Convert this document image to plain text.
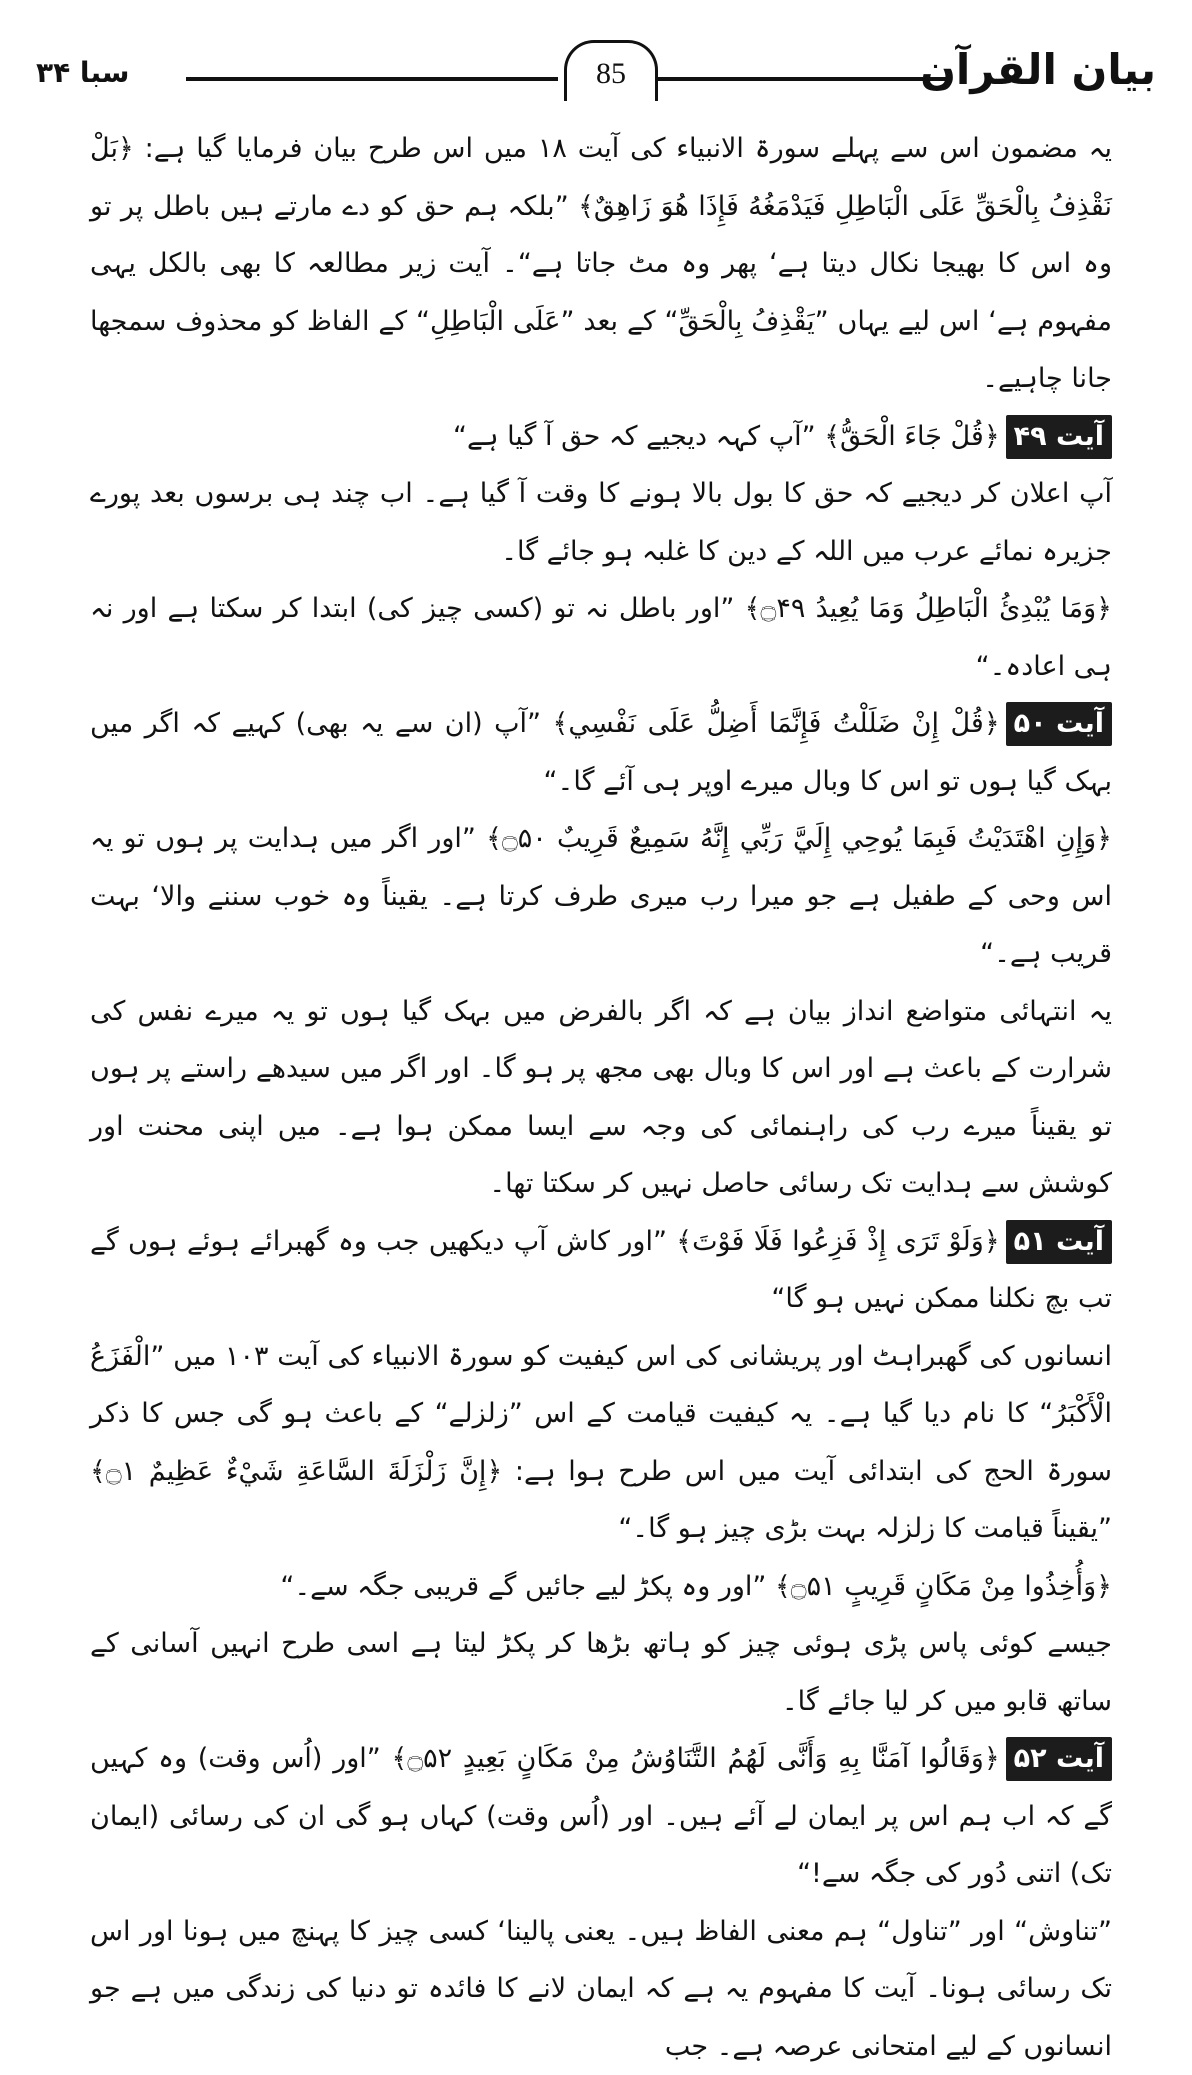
سبا ۳۴	85	بیان القرآن

یہ مضمون اس سے پہلے سورۃ الانبیاء کی آیت ۱۸ میں اس طرح بیان فرمایا گیا ہے: ﴿بَلْ نَقْذِفُ بِالْحَقِّ عَلَى الْبَاطِلِ فَيَدْمَغُهُ فَإِذَا هُوَ زَاهِقٌ﴾ ”بلکہ ہم حق کو دے مارتے ہیں باطل پر تو وہ اس کا بھیجا نکال دیتا ہے‘ پھر وہ مٹ جاتا ہے“۔ آیت زیر مطالعہ کا بھی بالکل یہی مفہوم ہے‘ اس لیے یہاں ”یَقْذِفُ بِالْحَقِّ“ کے بعد ”عَلَى الْبَاطِلِ“ کے الفاظ کو محذوف سمجھا جانا چاہیے۔

آیت ۴۹﴿قُلْ جَاءَ الْحَقُّ﴾ ”آپ کہہ دیجیے کہ حق آ گیا ہے“

آپ اعلان کر دیجیے کہ حق کا بول بالا ہونے کا وقت آ گیا ہے۔ اب چند ہی برسوں بعد پورے جزیرہ نمائے عرب میں اللہ کے دین کا غلبہ ہو جائے گا۔

﴿وَمَا يُبْدِئُ الْبَاطِلُ وَمَا يُعِيدُ ۝۴۹﴾ ”اور باطل نہ تو (کسی چیز کی) ابتدا کر سکتا ہے اور نہ ہی اعادہ۔“

آیت ۵۰﴿قُلْ إِنْ ضَلَلْتُ فَإِنَّمَا أَضِلُّ عَلَى نَفْسِي﴾ ”آپ (ان سے یہ بھی) کہیے کہ اگر میں بہک گیا ہوں تو اس کا وبال میرے اوپر ہی آئے گا۔“

﴿وَإِنِ اهْتَدَيْتُ فَبِمَا يُوحِي إِلَيَّ رَبِّي إِنَّهُ سَمِيعٌ قَرِيبٌ ۝۵۰﴾ ”اور اگر میں ہدایت پر ہوں تو یہ اس وحی کے طفیل ہے جو میرا رب میری طرف کرتا ہے۔ یقیناً وہ خوب سننے والا‘ بہت قریب ہے۔“

یہ انتہائی متواضع انداز بیان ہے کہ اگر بالفرض میں بہک گیا ہوں تو یہ میرے نفس کی شرارت کے باعث ہے اور اس کا وبال بھی مجھ پر ہو گا۔ اور اگر میں سیدھے راستے پر ہوں تو یقیناً میرے رب کی راہنمائی کی وجہ سے ایسا ممکن ہوا ہے۔ میں اپنی محنت اور کوشش سے ہدایت تک رسائی حاصل نہیں کر سکتا تھا۔

آیت ۵۱﴿وَلَوْ تَرَى إِذْ فَزِعُوا فَلَا فَوْتَ﴾ ”اور کاش آپ دیکھیں جب وہ گھبرائے ہوئے ہوں گے تب بچ نکلنا ممکن نہیں ہو گا“

انسانوں کی گھبراہٹ اور پریشانی کی اس کیفیت کو سورۃ الانبیاء کی آیت ۱۰۳ میں ”الْفَزَعُ الْأَكْبَرُ“ کا نام دیا گیا ہے۔ یہ کیفیت قیامت کے اس ”زلزلے“ کے باعث ہو گی جس کا ذکر سورۃ الحج کی ابتدائی آیت میں اس طرح ہوا ہے: ﴿إِنَّ زَلْزَلَةَ السَّاعَةِ شَيْءٌ عَظِيمٌ ۝۱﴾ ”یقیناً قیامت کا زلزلہ بہت بڑی چیز ہو گا۔“

﴿وَأُخِذُوا مِنْ مَكَانٍ قَرِيبٍ ۝۵۱﴾ ”اور وہ پکڑ لیے جائیں گے قریبی جگہ سے۔“

جیسے کوئی پاس پڑی ہوئی چیز کو ہاتھ بڑھا کر پکڑ لیتا ہے اسی طرح انہیں آسانی کے ساتھ قابو میں کر لیا جائے گا۔

آیت ۵۲﴿وَقَالُوا آمَنَّا بِهِ وَأَنَّى لَهُمُ التَّنَاوُشُ مِنْ مَكَانٍ بَعِيدٍ ۝۵۲﴾ ”اور (اُس وقت) وہ کہیں گے کہ اب ہم اس پر ایمان لے آئے ہیں۔ اور (اُس وقت) کہاں ہو گی ان کی رسائی (ایمان تک) اتنی دُور کی جگہ سے!“

”تناوش“ اور ”تناول“ ہم معنی الفاظ ہیں۔ یعنی پالینا‘ کسی چیز کا پہنچ میں ہونا اور اس تک رسائی ہونا۔ آیت کا مفہوم یہ ہے کہ ایمان لانے کا فائدہ تو دنیا کی زندگی میں ہے جو انسانوں کے لیے امتحانی عرصہ ہے۔ جب
